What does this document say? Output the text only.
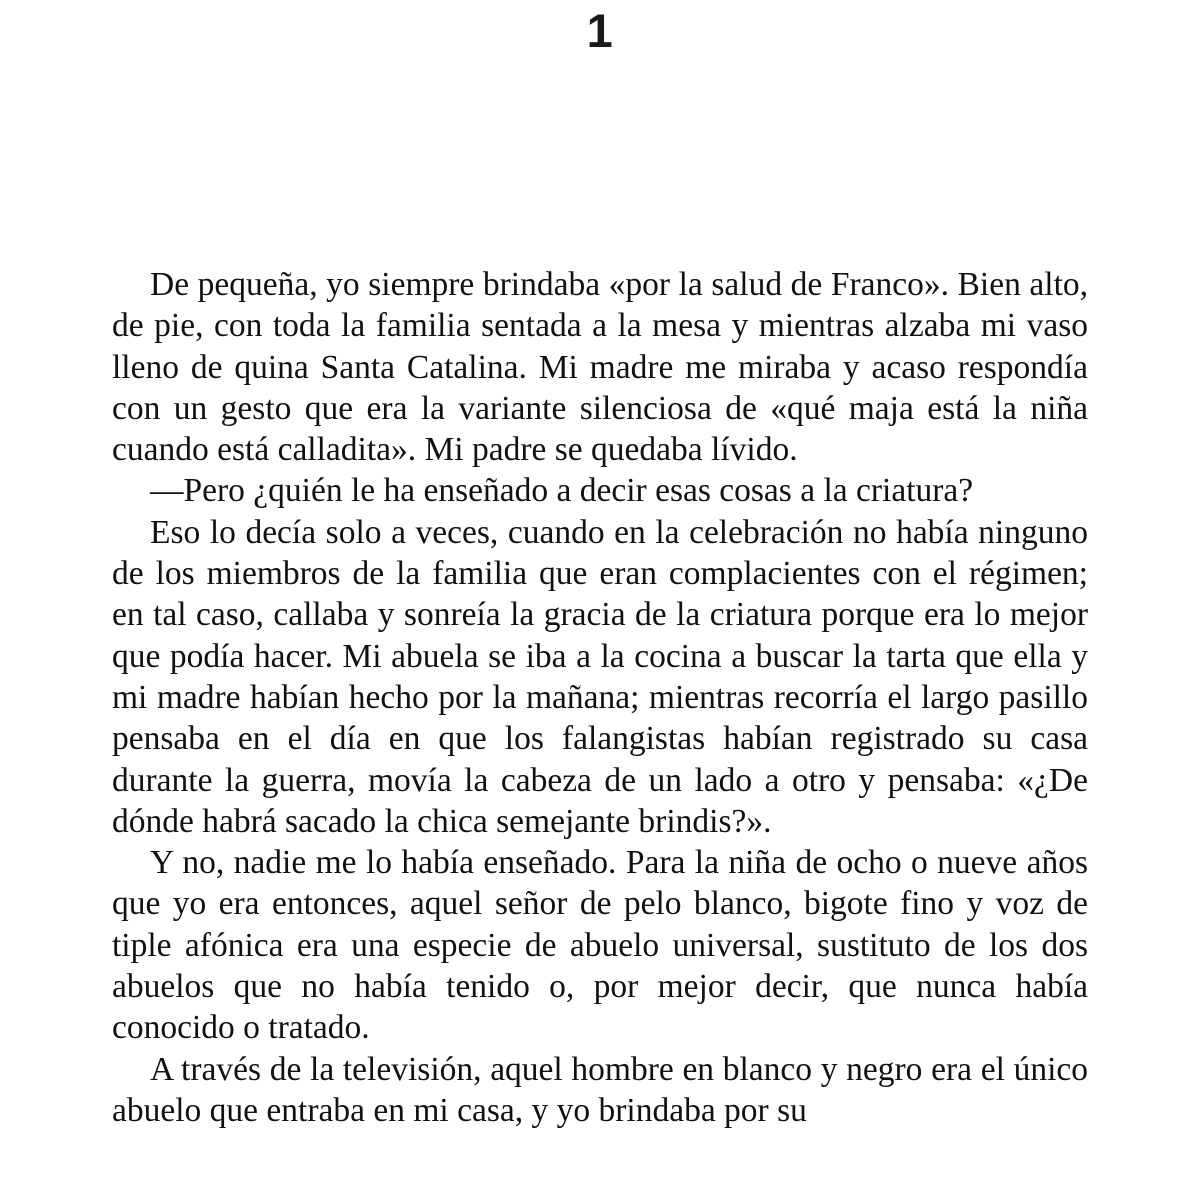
1

De pequeña, yo siempre brindaba «por la salud de Franco». Bien alto, de pie, con toda la familia sentada a la mesa y mientras alzaba mi vaso lleno de quina Santa Catalina. Mi madre me miraba y acaso respondía con un gesto que era la variante silenciosa de «qué maja está la niña cuando está calladita». Mi padre se quedaba lívido.

—Pero ¿quién le ha enseñado a decir esas cosas a la criatura?

Eso lo decía solo a veces, cuando en la celebración no había ninguno de los miembros de la familia que eran complacientes con el régimen; en tal caso, callaba y sonreía la gracia de la criatura porque era lo mejor que podía hacer. Mi abuela se iba a la cocina a buscar la tarta que ella y mi madre habían hecho por la mañana; mientras recorría el largo pasillo pensaba en el día en que los falangistas habían registrado su casa durante la guerra, movía la cabeza de un lado a otro y pensaba: «¿De dónde habrá sacado la chica semejante brindis?».

Y no, nadie me lo había enseñado. Para la niña de ocho o nueve años que yo era entonces, aquel señor de pelo blanco, bigote fino y voz de tiple afónica era una especie de abuelo universal, sustituto de los dos abuelos que no había tenido o, por mejor decir, que nunca había conocido o tratado.

A través de la televisión, aquel hombre en blanco y negro era el único abuelo que entraba en mi casa, y yo brindaba por su
